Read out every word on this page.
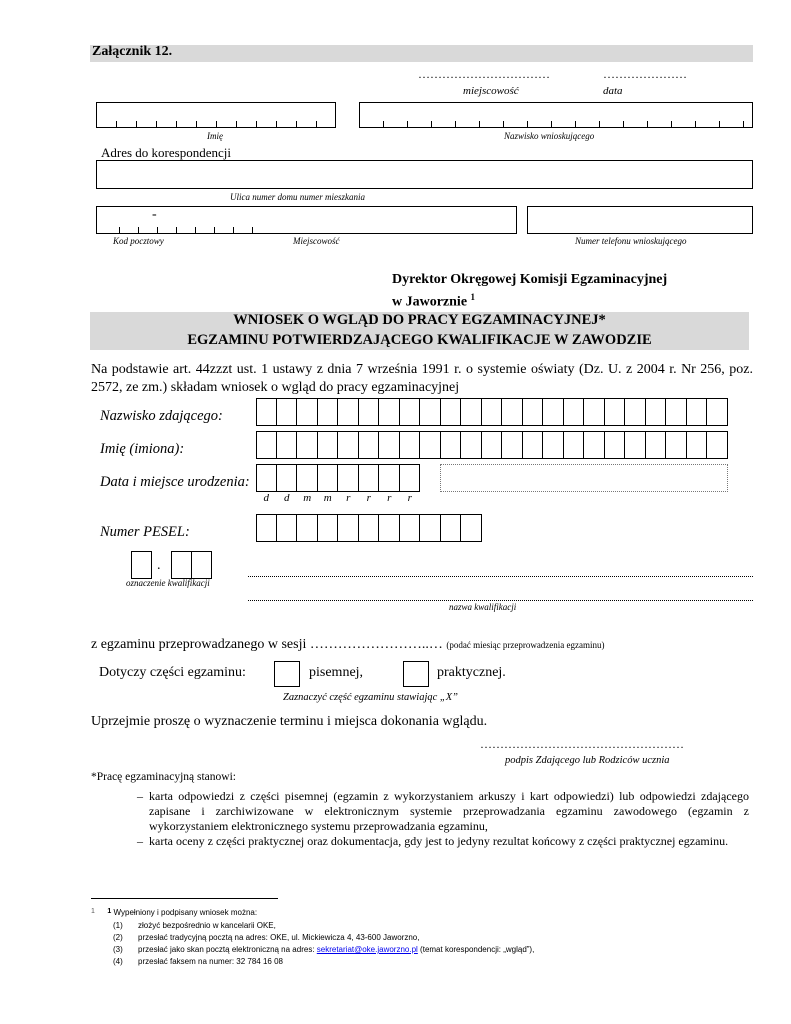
Załącznik 12.
……………………………	…………………
miejscowość	data
Imię	Nazwisko wnioskującego
Adres do korespondencji
Ulica numer domu numer mieszkania
-
Kod pocztowy	Miejscowość	Numer telefonu wnioskującego
Dyrektor Okręgowej Komisji Egzaminacyjnej
w Jaworznie $^1$
WNIOSEK O WGLĄD DO PRACY EGZAMINACYJNEJ*
EGZAMINU POTWIERDZAJĄCEGO KWALIFIKACJE W ZAWODZIE
Na podstawie art. 44zzzt ust. 1 ustawy z dnia 7 września 1991 r. o systemie oświaty (Dz. U. z 2004 r. Nr 256, poz. 2572, ze zm.) składam wniosek o wgląd do pracy egzaminacyjnej
Nazwisko zdającego:
Imię (imiona):
Data i miejsce urodzenia:
d d m m r r r r
Numer PESEL:
.
oznaczenie kwalifikacji
nazwa kwalifikacji
z egzaminu przeprowadzanego w sesji ……………………..… (podać miesiąc przeprowadzenia egzaminu)
Dotyczy części egzaminu:	pisemnej,	praktycznej.
Zaznaczyć część egzaminu stawiając „X”
Uprzejmie proszę o wyznaczenie terminu i miejsca dokonania wglądu.
……………………………………………
podpis Zdającego lub Rodziców ucznia
*Pracę egzaminacyjną stanowi:
– karta odpowiedzi z części pisemnej (egzamin z wykorzystaniem arkuszy i kart odpowiedzi) lub odpowiedzi zdającego zapisane i zarchiwizowane w elektronicznym systemie przeprowadzania egzaminu zawodowego (egzamin z wykorzystaniem elektronicznego systemu przeprowadzania egzaminu,
– karta oceny z części praktycznej oraz dokumentacja, gdy jest to jedyny rezultat końcowy z części praktycznej egzaminu.
1 1 Wypełniony i podpisany wniosek można:
(1) złożyć bezpośrednio w kancelarii OKE,
(2) przesłać tradycyjną pocztą na adres: OKE, ul. Mickiewicza 4, 43-600 Jaworzno,
(3) przesłać jako skan pocztą elektroniczną na adres: sekretariat@oke.jaworzno.pl (temat korespondencji: „wgląd”),
(4) przesłać faksem na numer: 32 784 16 08
